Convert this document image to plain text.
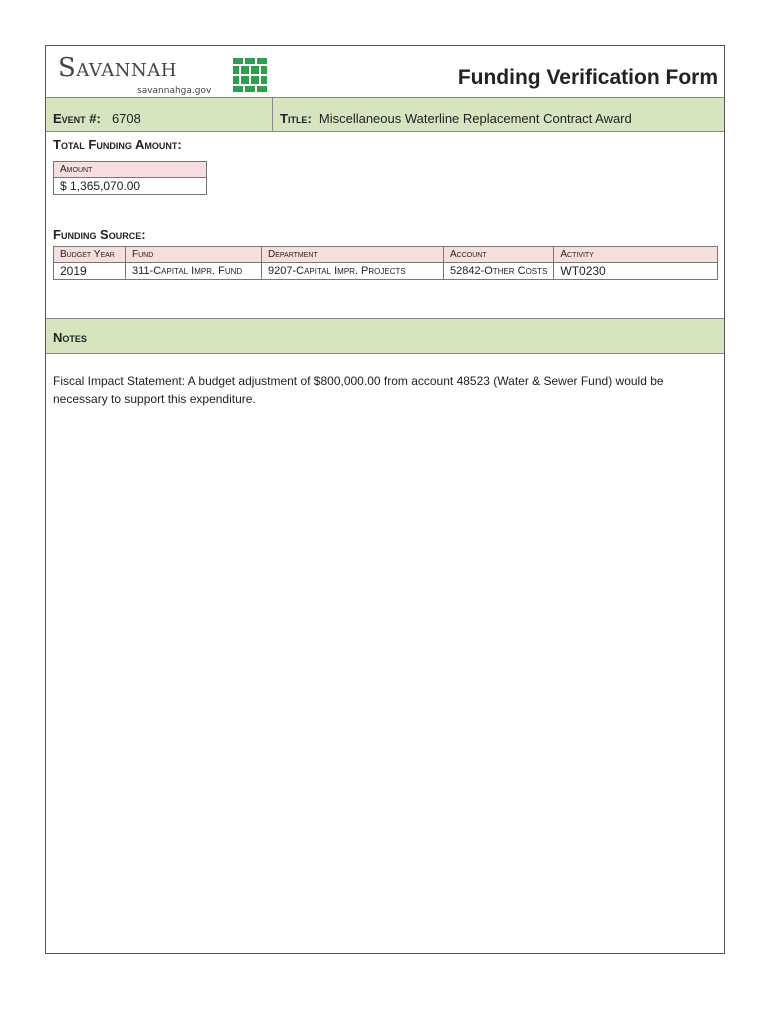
Savannah
savannahga.gov
Funding Verification Form
Event #: 6708	Title: Miscellaneous Waterline Replacement Contract Award
Total Funding Amount:
Amount
$ 1,365,070.00
Funding Source:
Budget Year	Fund	Department	Account	Activity
2019	311-Capital Impr. Fund	9207-Capital Impr. Projects	52842-Other Costs	WT0230
Notes
Fiscal Impact Statement: A budget adjustment of $800,000.00 from account 48523 (Water & Sewer Fund) would be necessary to support this expenditure.
